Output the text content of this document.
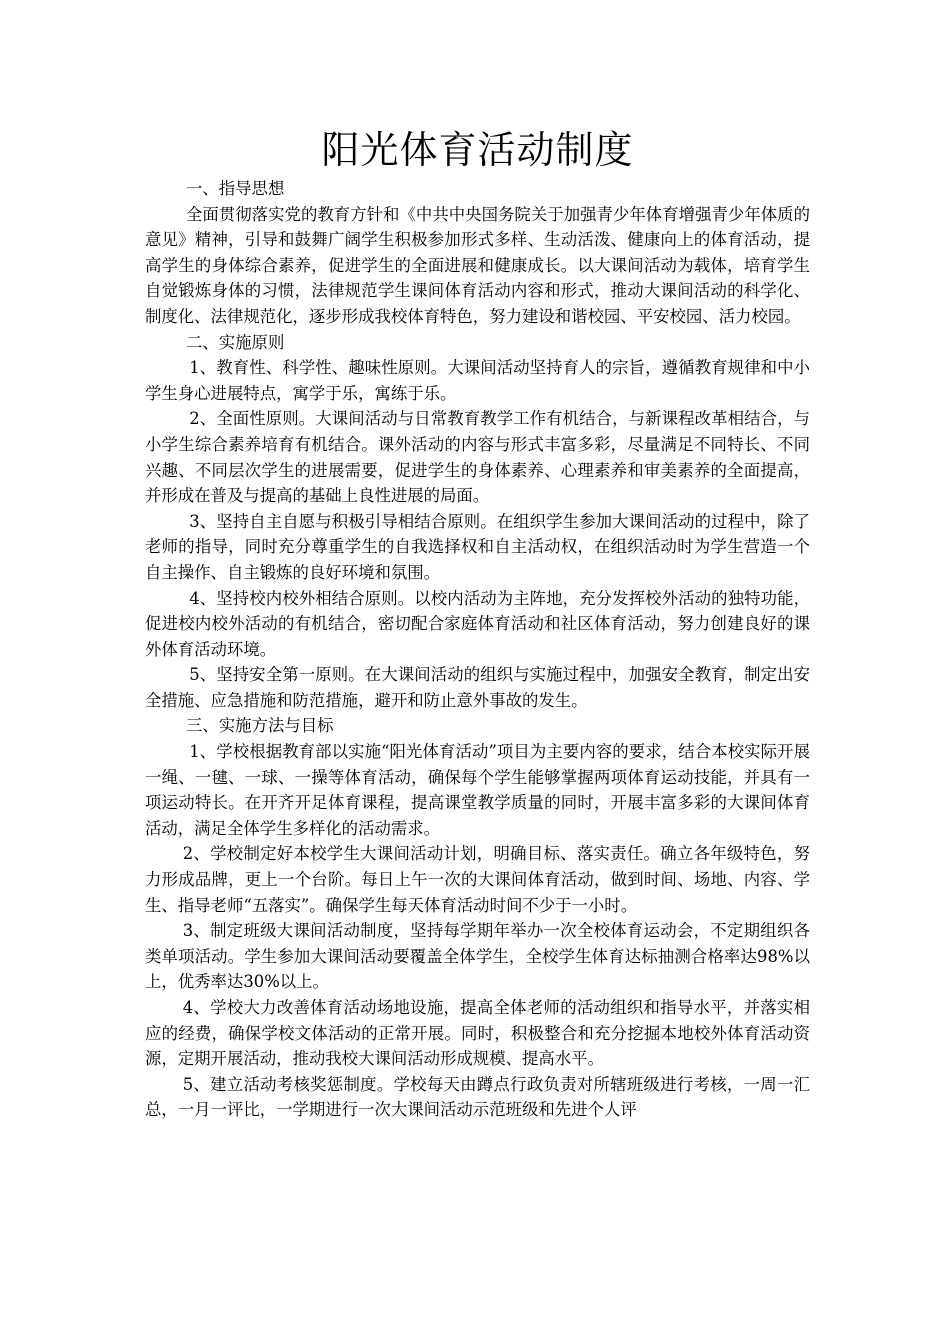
阳光体育活动制度

一、指导思想

全面贯彻落实党的教育方针和《中共中央国务院关于加强青少年体育增强青少年体质的意见》精神，引导和鼓舞广阔学生积极参加形式多样、生动活泼、健康向上的体育活动，提高学生的身体综合素养，促进学生的全面进展和健康成长。以大课间活动为载体，培育学生自觉锻炼身体的习惯，法律规范学生课间体育活动内容和形式，推动大课间活动的科学化、制度化、法律规范化，逐步形成我校体育特色，努力建设和谐校园、平安校园、活力校园。

二、实施原则

1、教育性、科学性、趣味性原则。大课间活动坚持育人的宗旨，遵循教育规律和中小学生身心进展特点，寓学于乐，寓练于乐。

2、全面性原则。大课间活动与日常教育教学工作有机结合，与新课程改革相结合，与小学生综合素养培育有机结合。课外活动的内容与形式丰富多彩，尽量满足不同特长、不同兴趣、不同层次学生的进展需要，促进学生的身体素养、心理素养和审美素养的全面提高，并形成在普及与提高的基础上良性进展的局面。

3、坚持自主自愿与积极引导相结合原则。在组织学生参加大课间活动的过程中，除了老师的指导，同时充分尊重学生的自我选择权和自主活动权，在组织活动时为学生营造一个自主操作、自主锻炼的良好环境和氛围。

4、坚持校内校外相结合原则。以校内活动为主阵地，充分发挥校外活动的独特功能，促进校内校外活动的有机结合，密切配合家庭体育活动和社区体育活动，努力创建良好的课外体育活动环境。

5、坚持安全第一原则。在大课间活动的组织与实施过程中，加强安全教育，制定出安全措施、应急措施和防范措施，避开和防止意外事故的发生。

三、实施方法与目标

1、学校根据教育部以实施“阳光体育活动”项目为主要内容的要求，结合本校实际开展一绳、一毽、一球、一操等体育活动，确保每个学生能够掌握两项体育运动技能，并具有一项运动特长。在开齐开足体育课程，提高课堂教学质量的同时，开展丰富多彩的大课间体育活动，满足全体学生多样化的活动需求。

2、学校制定好本校学生大课间活动计划，明确目标、落实责任。确立各年级特色，努力形成品牌，更上一个台阶。每日上午一次的大课间体育活动，做到时间、场地、内容、学生、指导老师“五落实”。确保学生每天体育活动时间不少于一小时。

3、制定班级大课间活动制度，坚持每学期年举办一次全校体育运动会，不定期组织各类单项活动。学生参加大课间活动要覆盖全体学生，全校学生体育达标抽测合格率达98%以上，优秀率达30%以上。

4、学校大力改善体育活动场地设施，提高全体老师的活动组织和指导水平，并落实相应的经费，确保学校文体活动的正常开展。同时，积极整合和充分挖掘本地校外体育活动资源，定期开展活动，推动我校大课间活动形成规模、提高水平。

5、建立活动考核奖惩制度。学校每天由蹲点行政负责对所辖班级进行考核，一周一汇总，一月一评比，一学期进行一次大课间活动示范班级和先进个人评
